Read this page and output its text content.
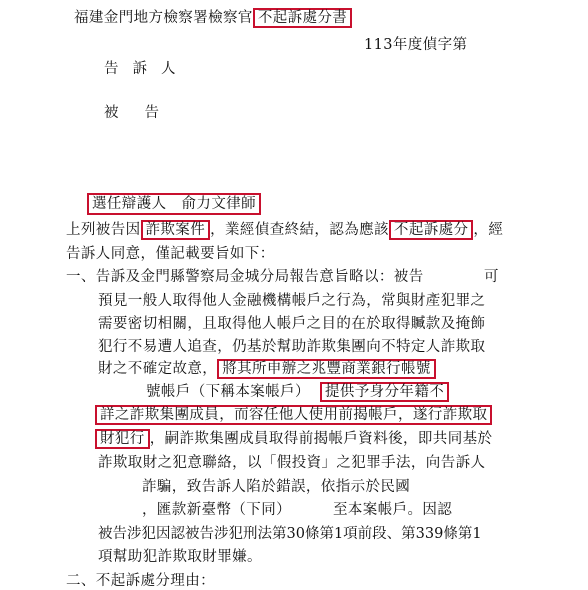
福建金門地方檢察署檢察官 不起訴處分書
113年度偵字第
告訴人
被告
選任辯護人 俞力文律師
上列被告因 詐欺案件 ，業經偵查終結，認為應該 不起訴處分 ，經
告訴人同意，僅記載要旨如下：
一、告訴及金門縣警察局金城分局報告意旨略以：被告	可
預見一般人取得他人金融機構帳戶之行為，常與財產犯罪之
需要密切相關，且取得他人帳戶之目的在於取得贓款及掩飾
犯行不易遭人追查，仍基於幫助詐欺集團向不特定人詐欺取
財之不確定故意， 將其所申辦之兆豐商業銀行帳號
號帳戶（下稱本案帳戶） 提供予身分年籍不
詳之詐欺集團成員，而容任他人使用前揭帳戶，遂行詐欺取
財犯行 ，嗣詐欺集團成員取得前揭帳戶資料後，即共同基於
詐欺取財之犯意聯絡，以「假投資」之犯罪手法，向告訴人
詐騙，致告訴人陷於錯誤，依指示於民國
，匯款新臺幣（下同）	至本案帳戶。因認
被告涉犯因認被告涉犯刑法第30條第1項前段、第339條第1
項幫助犯詐欺取財罪嫌。
二、不起訴處分理由：
